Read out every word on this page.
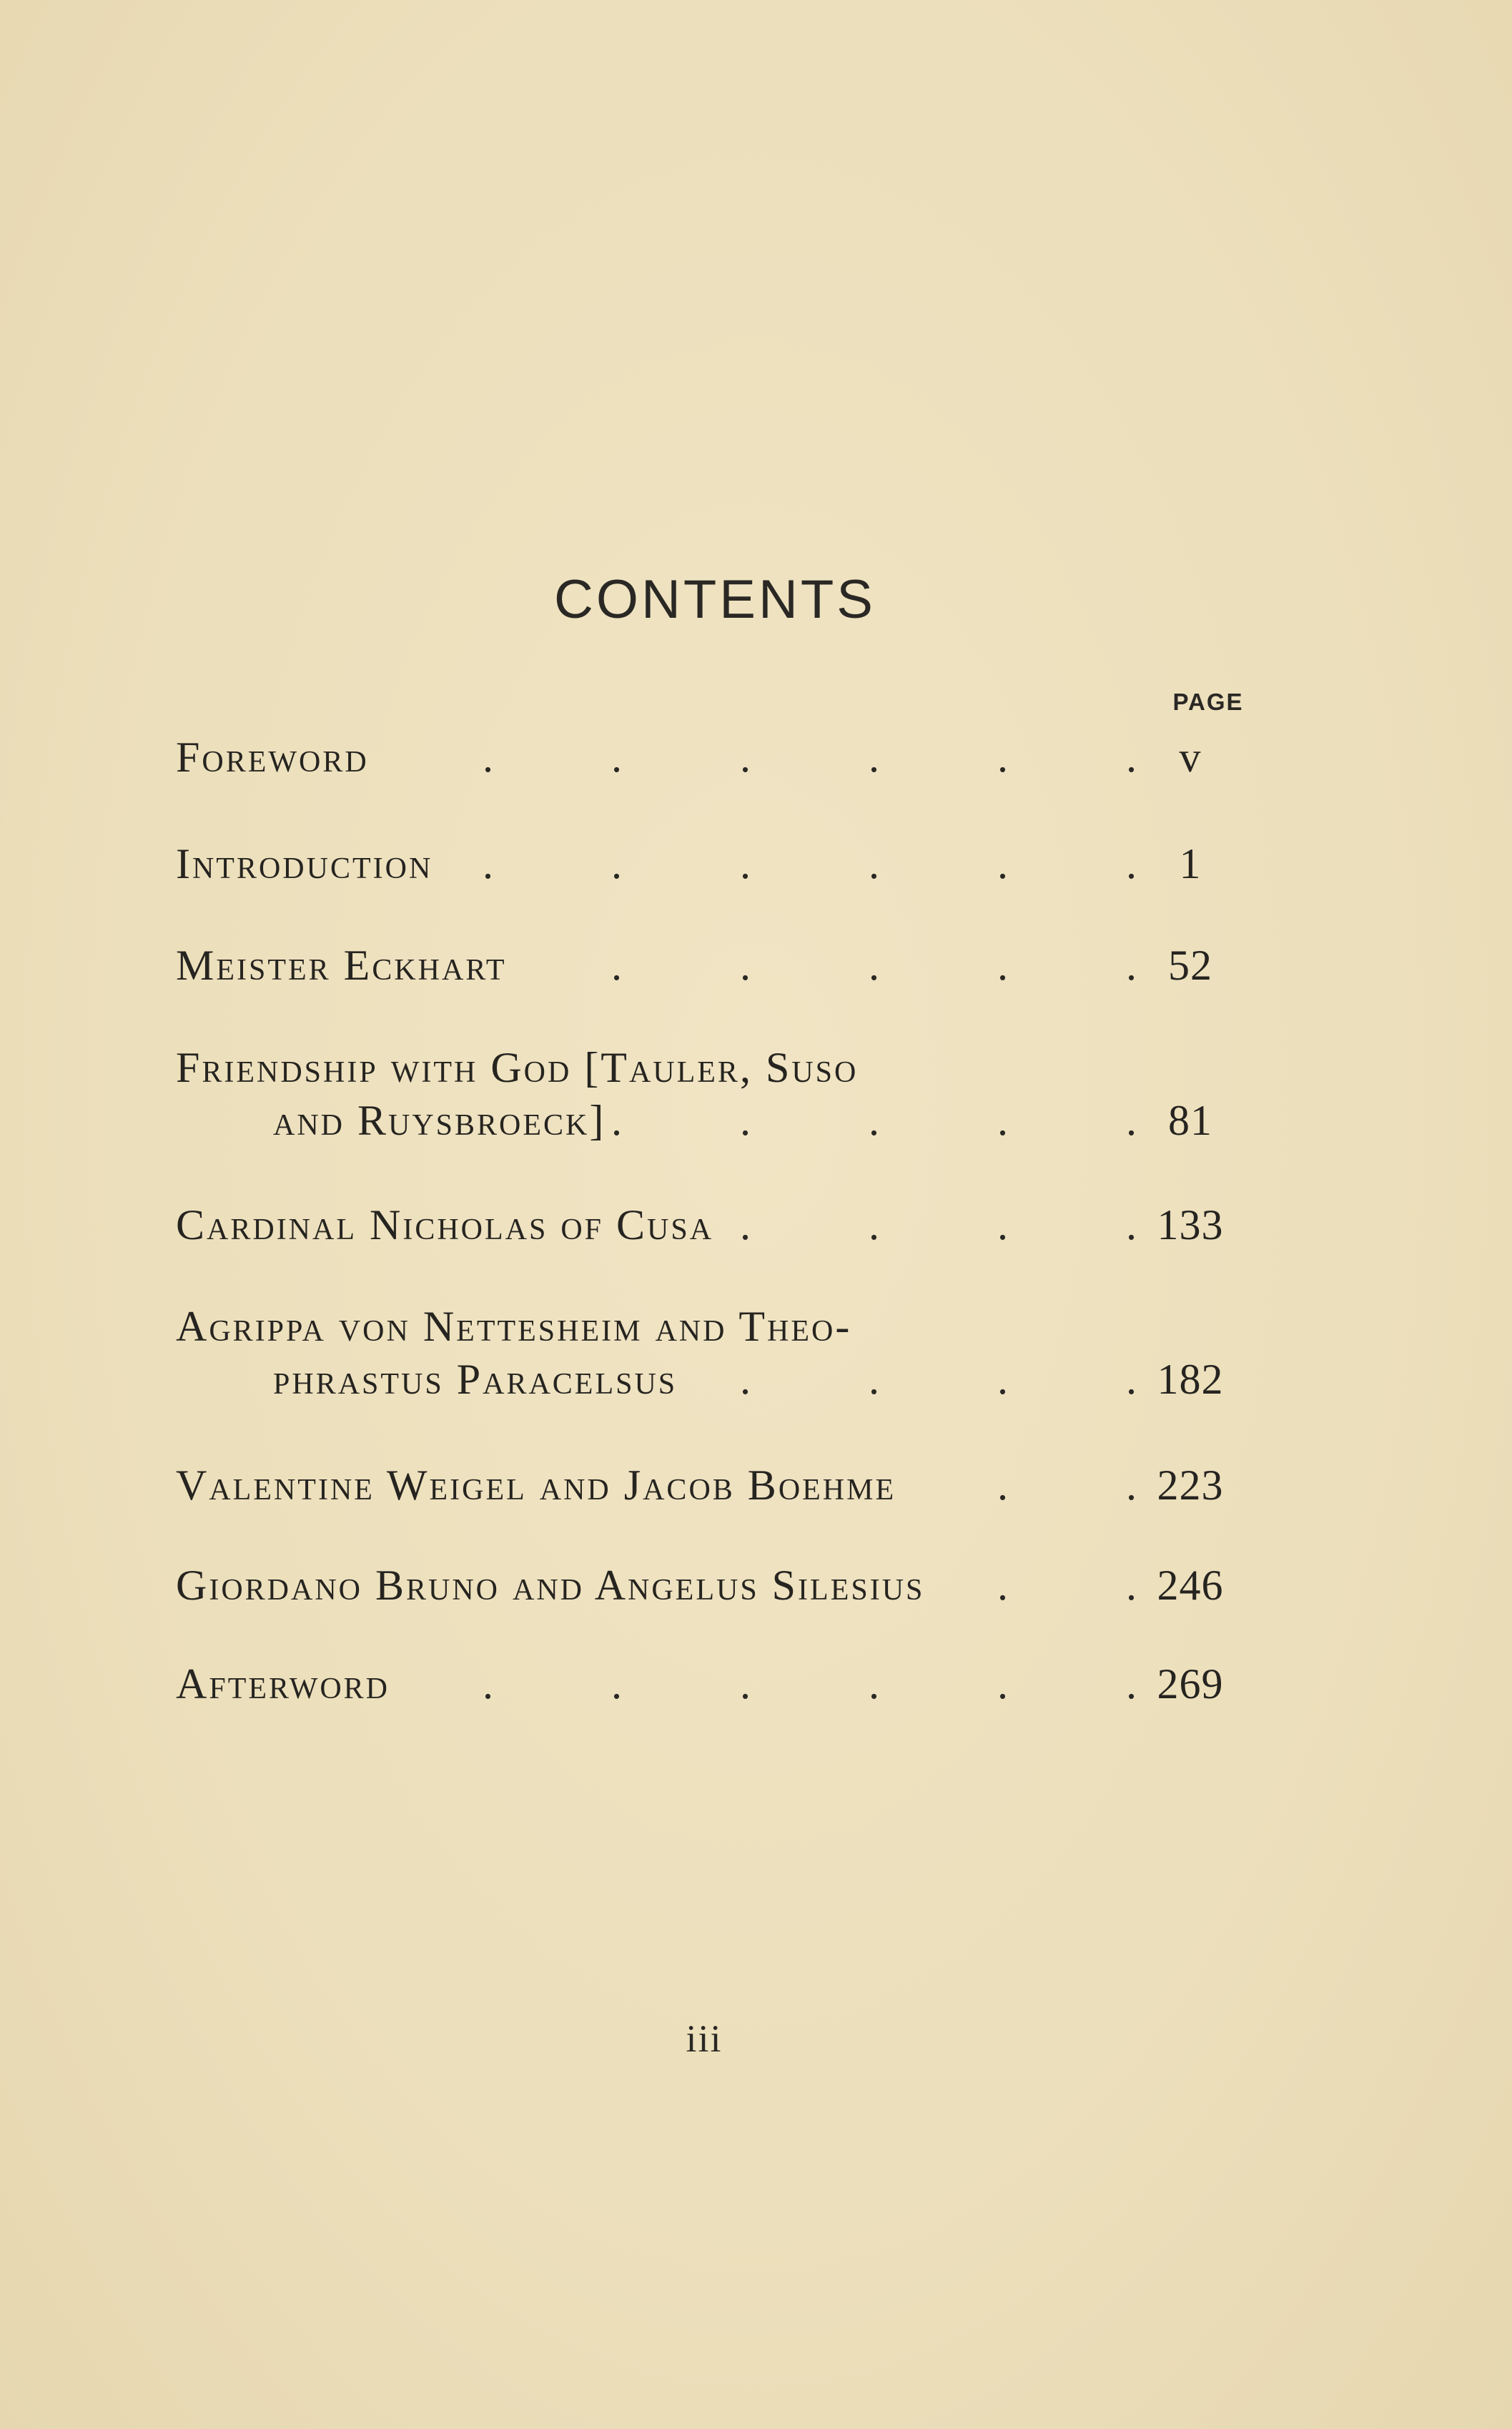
CONTENTS
PAGE
Foreword .	v
Introduction .	1
Meister Eckhart .	52
Friendship with God [Tauler, Suso
and Ruysbroeck] .	81
Cardinal Nicholas of Cusa .	133
Agrippa von Nettesheim and Theo-
phrastus Paracelsus .	182
Valentine Weigel and Jacob Boehme .	223
Giordano Bruno and Angelus Silesius .	246
Afterword .	269
iii
